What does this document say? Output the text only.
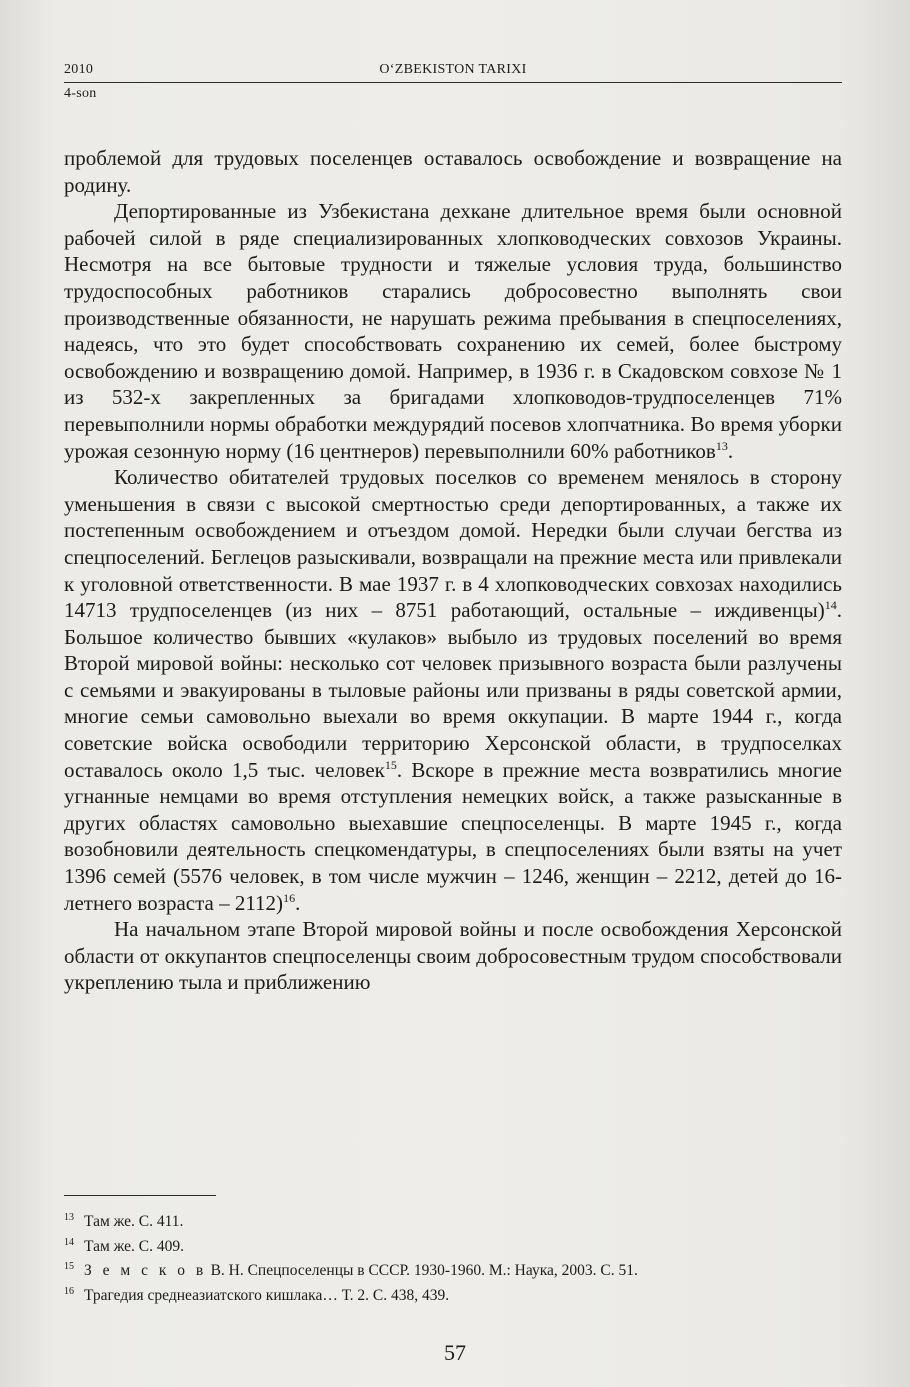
2010	O‘ZBEKISTON TARIXI
4-son

проблемой для трудовых поселенцев оставалось освобождение и возвращение на родину.

Депортированные из Узбекистана дехкане длительное время были основной рабочей силой в ряде специализированных хлопководческих совхозов Украины. Несмотря на все бытовые трудности и тяжелые условия труда, большинство трудоспособных работников старались добросовестно выполнять свои производственные обязанности, не нарушать режима пребывания в спецпоселениях, надеясь, что это будет способствовать сохранению их семей, более быстрому освобождению и возвращению домой. Например, в 1936 г. в Скадовском совхозе № 1 из 532-х закрепленных за бригадами хлопководов-трудпоселенцев 71% перевыполнили нормы обработки междурядий посевов хлопчатника. Во время уборки урожая сезонную норму (16 центнеров) перевыполнили 60% работников$^{13}$.

Количество обитателей трудовых поселков со временем менялось в сторону уменьшения в связи с высокой смертностью среди депортированных, а также их постепенным освобождением и отъездом домой. Нередки были случаи бегства из спецпоселений. Беглецов разыскивали, возвращали на прежние места или привлекали к уголовной ответственности. В мае 1937 г. в 4 хлопководческих совхозах находились 14713 трудпоселенцев (из них – 8751 работающий, остальные – иждивенцы)$^{14}$. Большое количество бывших «кулаков» выбыло из трудовых поселений во время Второй мировой войны: несколько сот человек призывного возраста были разлучены с семьями и эвакуированы в тыловые районы или призваны в ряды советской армии, многие семьи самовольно выехали во время оккупации. В марте 1944 г., когда советские войска освободили территорию Херсонской области, в трудпоселках оставалось около 1,5 тыс. человек$^{15}$. Вскоре в прежние места возвратились многие угнанные немцами во время отступления немецких войск, а также разысканные в других областях самовольно выехавшие спецпоселенцы. В марте 1945 г., когда возобновили деятельность спецкомендатуры, в спецпоселениях были взяты на учет 1396 семей (5576 человек, в том числе мужчин – 1246, женщин – 2212, детей до 16-летнего возраста – 2112)$^{16}$.

На начальном этапе Второй мировой войны и после освобождения Херсонской области от оккупантов спецпоселенцы своим добросовестным трудом способствовали укреплению тыла и приближению

$^{13}$ Там же. С. 411.
$^{14}$ Там же. С. 409.
$^{15}$ З е м с к о в В. Н. Спецпоселенцы в СССР. 1930-1960. М.: Наука, 2003. С. 51.
$^{16}$ Трагедия среднеазиатского кишлака… Т. 2. С. 438, 439.
57
